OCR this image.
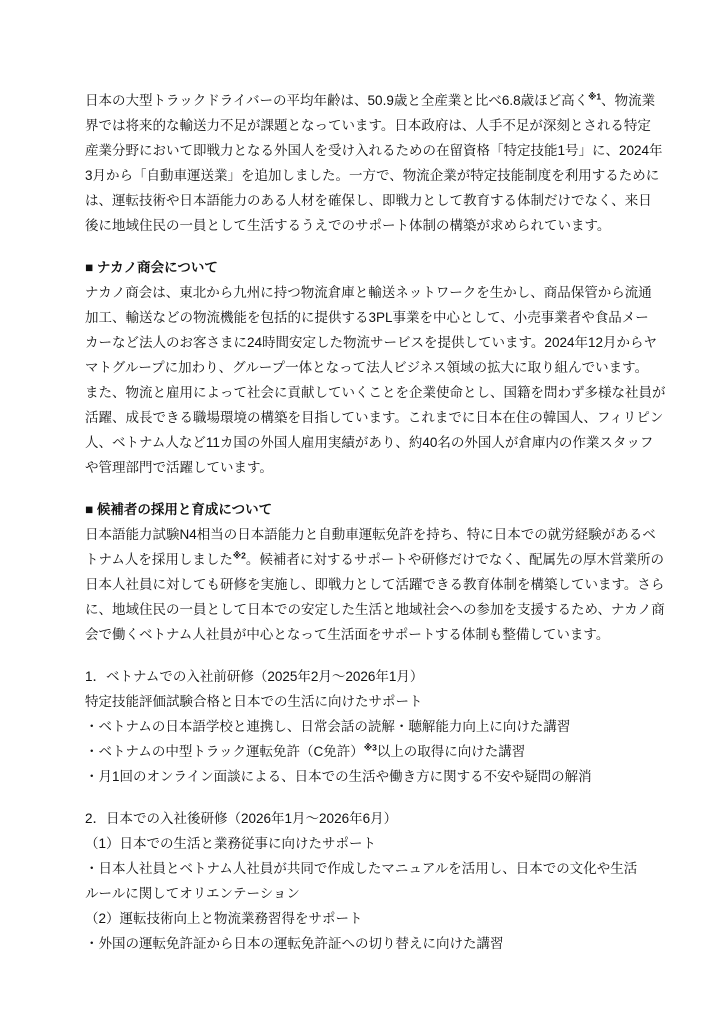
日本の大型トラックドライバーの平均年齢は、50.9歳と全産業と比べ6.8歳ほど高く$^{※1}$、物流業
界では将来的な輸送力不足が課題となっています。日本政府は、人手不足が深刻とされる特定
産業分野において即戦力となる外国人を受け入れるための在留資格「特定技能1号」に、2024年
3月から「自動車運送業」を追加しました。一方で、物流企業が特定技能制度を利用するために
は、運転技術や日本語能力のある人材を確保し、即戦力として教育する体制だけでなく、来日
後に地域住民の一員として生活するうえでのサポート体制の構築が求められています。
■ ナカノ商会について
ナカノ商会は、東北から九州に持つ物流倉庫と輸送ネットワークを生かし、商品保管から流通
加工、輸送などの物流機能を包括的に提供する3PL事業を中心として、小売事業者や食品メー
カーなど法人のお客さまに24時間安定した物流サービスを提供しています。2024年12月からヤ
マトグループに加わり、グループ一体となって法人ビジネス領域の拡大に取り組んでいます。
また、物流と雇用によって社会に貢献していくことを企業使命とし、国籍を問わず多様な社員が
活躍、成長できる職場環境の構築を目指しています。これまでに日本在住の韓国人、フィリピン
人、ベトナム人など11カ国の外国人雇用実績があり、約40名の外国人が倉庫内の作業スタッフ
や管理部門で活躍しています。
■ 候補者の採用と育成について
日本語能力試験N4相当の日本語能力と自動車運転免許を持ち、特に日本での就労経験があるベ
トナム人を採用しました$^{※2}$。候補者に対するサポートや研修だけでなく、配属先の厚木営業所の
日本人社員に対しても研修を実施し、即戦力として活躍できる教育体制を構築しています。さら
に、地域住民の一員として日本での安定した生活と地域社会への参加を支援するため、ナカノ商
会で働くベトナム人社員が中心となって生活面をサポートする体制も整備しています。
1．ベトナムでの入社前研修（2025年2月～2026年1月）
特定技能評価試験合格と日本での生活に向けたサポート
・ベトナムの日本語学校と連携し、日常会話の読解・聴解能力向上に向けた講習
・ベトナムの中型トラック運転免許（C免許）$^{※3}$以上の取得に向けた講習
・月1回のオンライン面談による、日本での生活や働き方に関する不安や疑問の解消
2．日本での入社後研修（2026年1月～2026年6月）
（1）日本での生活と業務従事に向けたサポート
・日本人社員とベトナム人社員が共同で作成したマニュアルを活用し、日本での文化や生活
ルールに関してオリエンテーション
（2）運転技術向上と物流業務習得をサポート
・外国の運転免許証から日本の運転免許証への切り替えに向けた講習
